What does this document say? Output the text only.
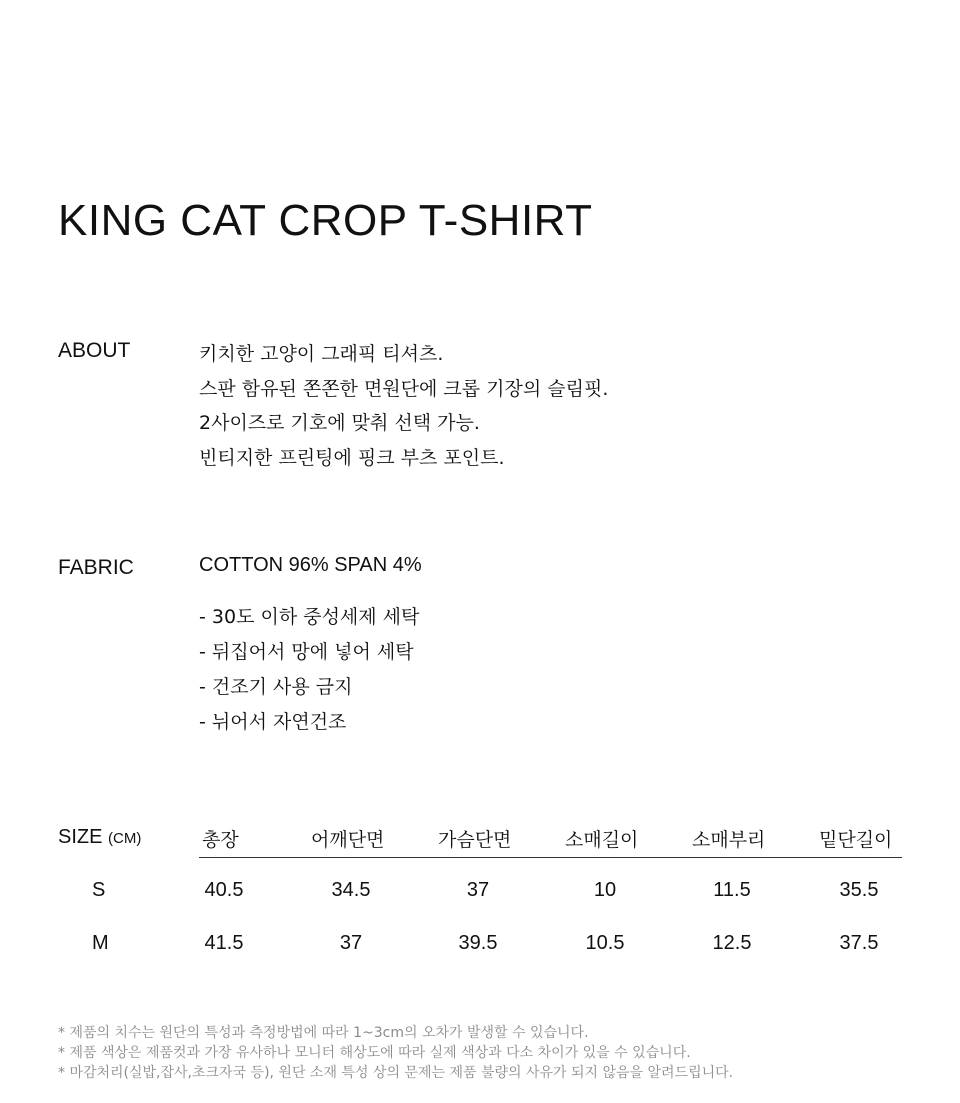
KING CAT CROP T-SHIRT
ABOUT	키치한 고양이 그래픽 티셔츠.
스판 함유된 쫀쫀한 면원단에 크롭 기장의 슬림핏.
2사이즈로 기호에 맞춰 선택 가능.
빈티지한 프린팅에 핑크 부츠 포인트.
FABRIC	COTTON 96% SPAN 4%
- 30도 이하 중성세제 세탁
- 뒤집어서 망에 넣어 세탁
- 건조기 사용 금지
- 뉘어서 자연건조
SIZE (CM)	총장	어깨단면	가슴단면	소매길이	소매부리	밑단길이
S	40.5	34.5	37	10	11.5	35.5
M	41.5	37	39.5	10.5	12.5	37.5
* 제품의 치수는 원단의 특성과 측정방법에 따라 1~3cm의 오차가 발생할 수 있습니다.
* 제품 색상은 제품컷과 가장 유사하나 모니터 해상도에 따라 실제 색상과 다소 차이가 있을 수 있습니다.
* 마감처리(실밥,잡사,초크자국 등), 원단 소재 특성 상의 문제는 제품 불량의 사유가 되지 않음을 알려드립니다.
